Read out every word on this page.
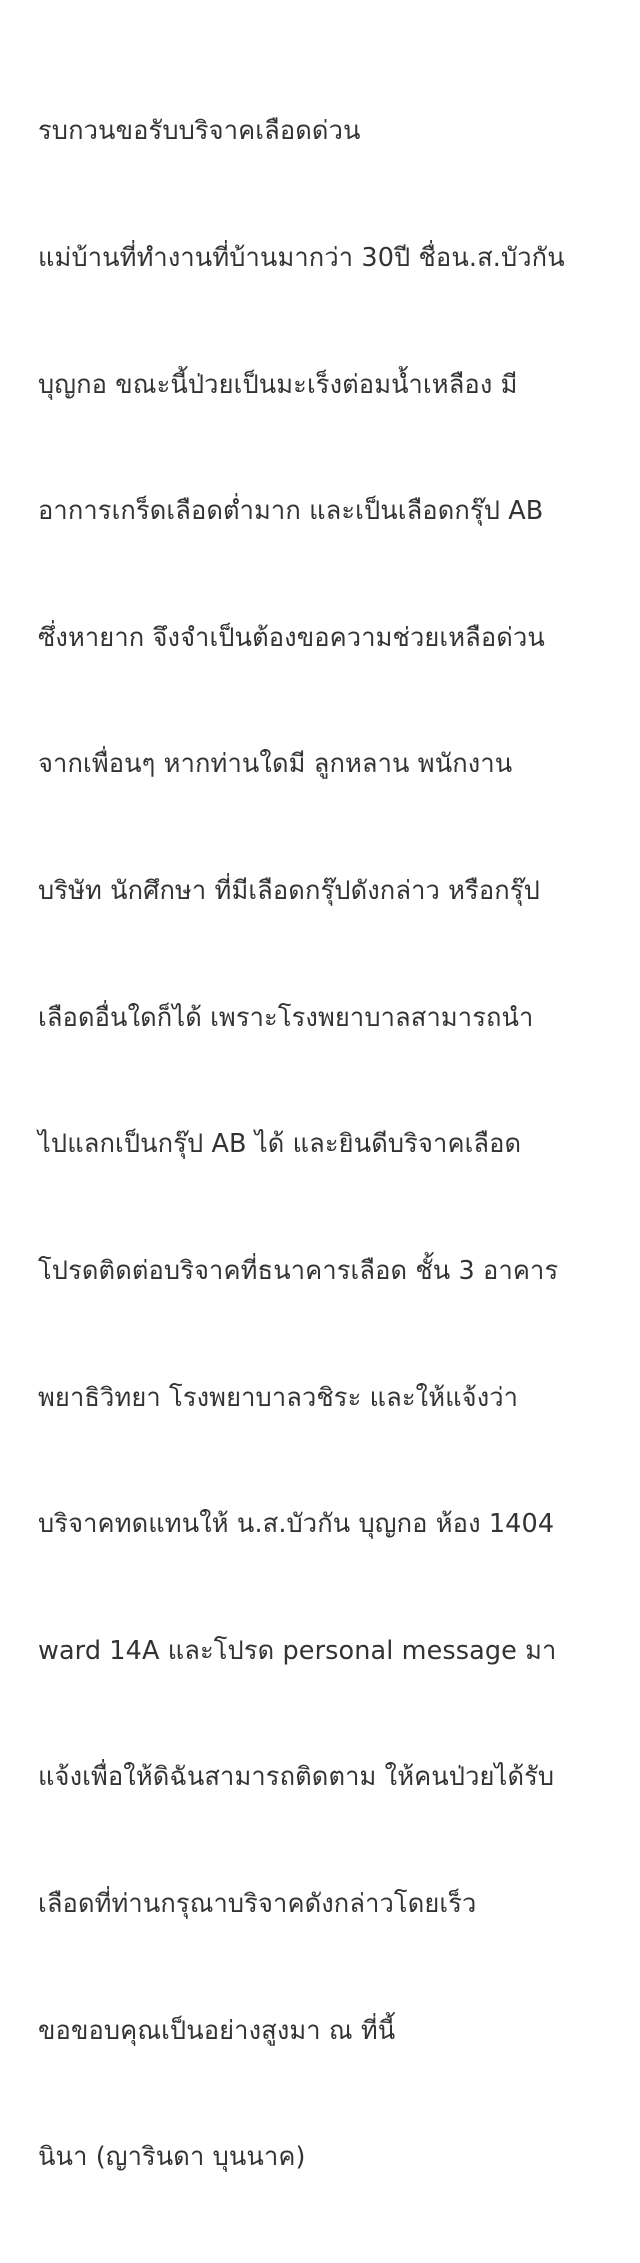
รบกวนขอรับบริจาคเลือดด่วน

แม่บ้านที่ทำงานที่บ้านมากว่า 30ปี ชื่อน.ส.บัวกัน

บุญกอ ขณะนี้ป่วยเป็นมะเร็งต่อมน้ำเหลือง มี

อาการเกร็ดเลือดต่ำมาก และเป็นเลือดกรุ๊ป AB

ซึ่งหายาก จึงจำเป็นต้องขอความช่วยเหลือด่วน

จากเพื่อนๆ หากท่านใดมี ลูกหลาน พนักงาน

บริษัท นักศึกษา ที่มีเลือดกรุ๊ปดังกล่าว หรือกรุ๊ป

เลือดอื่นใดก็ได้ เพราะโรงพยาบาลสามารถนำ

ไปแลกเป็นกรุ๊ป AB ได้ และยินดีบริจาคเลือด

โปรดติดต่อบริจาคที่ธนาคารเลือด ชั้น 3 อาคาร

พยาธิวิทยา โรงพยาบาลวชิระ และให้แจ้งว่า

บริจาคทดแทนให้ น.ส.บัวกัน บุญกอ ห้อง 1404

ward 14A และโปรด personal message มา

แจ้งเพื่อให้ดิฉันสามารถติดตาม ให้คนป่วยได้รับ

เลือดที่ท่านกรุณาบริจาคดังกล่าวโดยเร็ว

ขอขอบคุณเป็นอย่างสูงมา ณ ที่นี้

นินา (ญารินดา บุนนาค)
